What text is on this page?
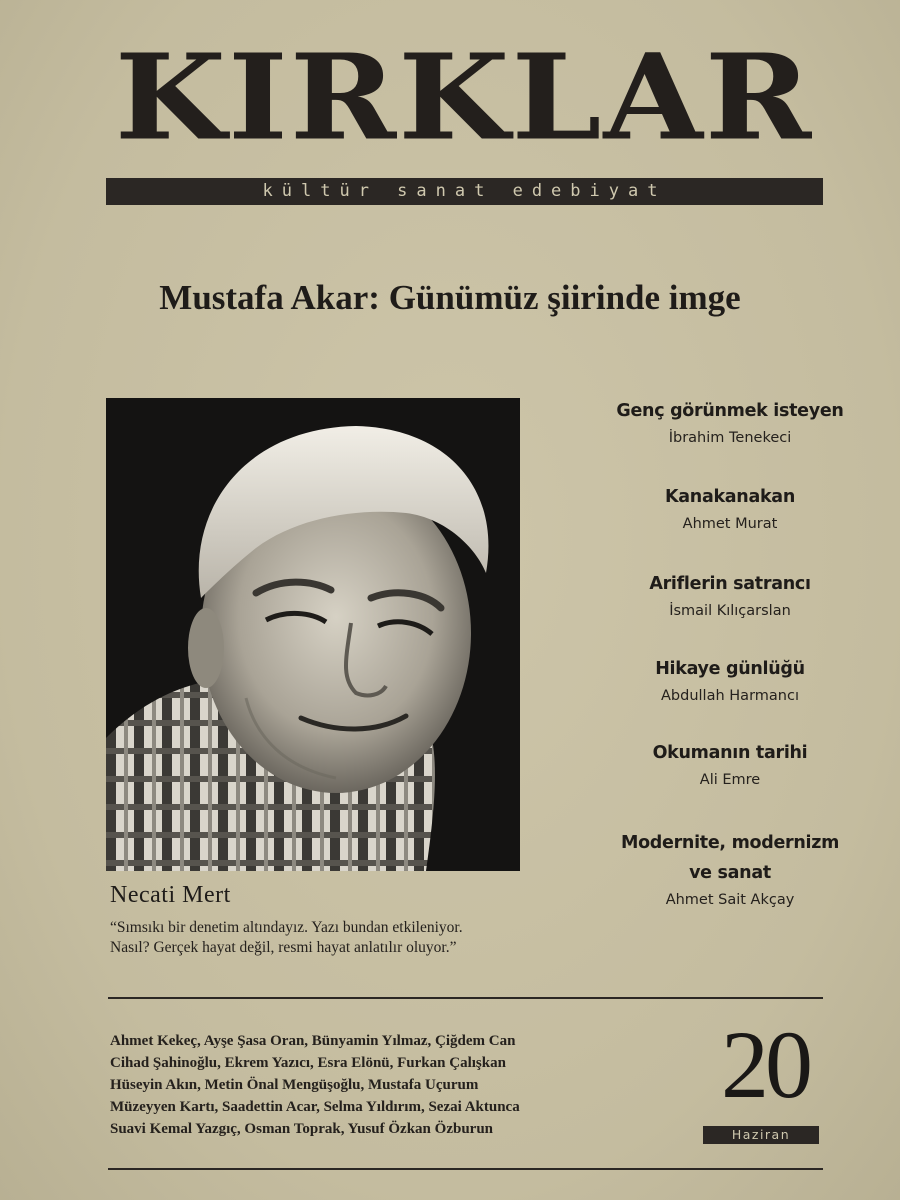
KIRKLAR
kültür sanat edebiyat
Mustafa Akar: Günümüz şiirinde imge
Necati Mert
“Sımsıkı bir denetim altındayız. Yazı bundan etkileniyor.
Nasıl? Gerçek hayat değil, resmi hayat anlatılır oluyor.”
Genç görünmek isteyen
İbrahim Tenekeci
Kanakanakan
Ahmet Murat
Ariflerin satrancı
İsmail Kılıçarslan
Hikaye günlüğü
Abdullah Harmancı
Okumanın tarihi
Ali Emre
Modernite, modernizm
ve sanat
Ahmet Sait Akçay
Ahmet Kekeç, Ayşe Şasa Oran, Bünyamin Yılmaz, Çiğdem Can
Cihad Şahinoğlu, Ekrem Yazıcı, Esra Elönü, Furkan Çalışkan
Hüseyin Akın, Metin Önal Mengüşoğlu, Mustafa Uçurum
Müzeyyen Kartı, Saadettin Acar, Selma Yıldırım, Sezai Aktunca
Suavi Kemal Yazgıç, Osman Toprak, Yusuf Özkan Özburun
20
Haziran
